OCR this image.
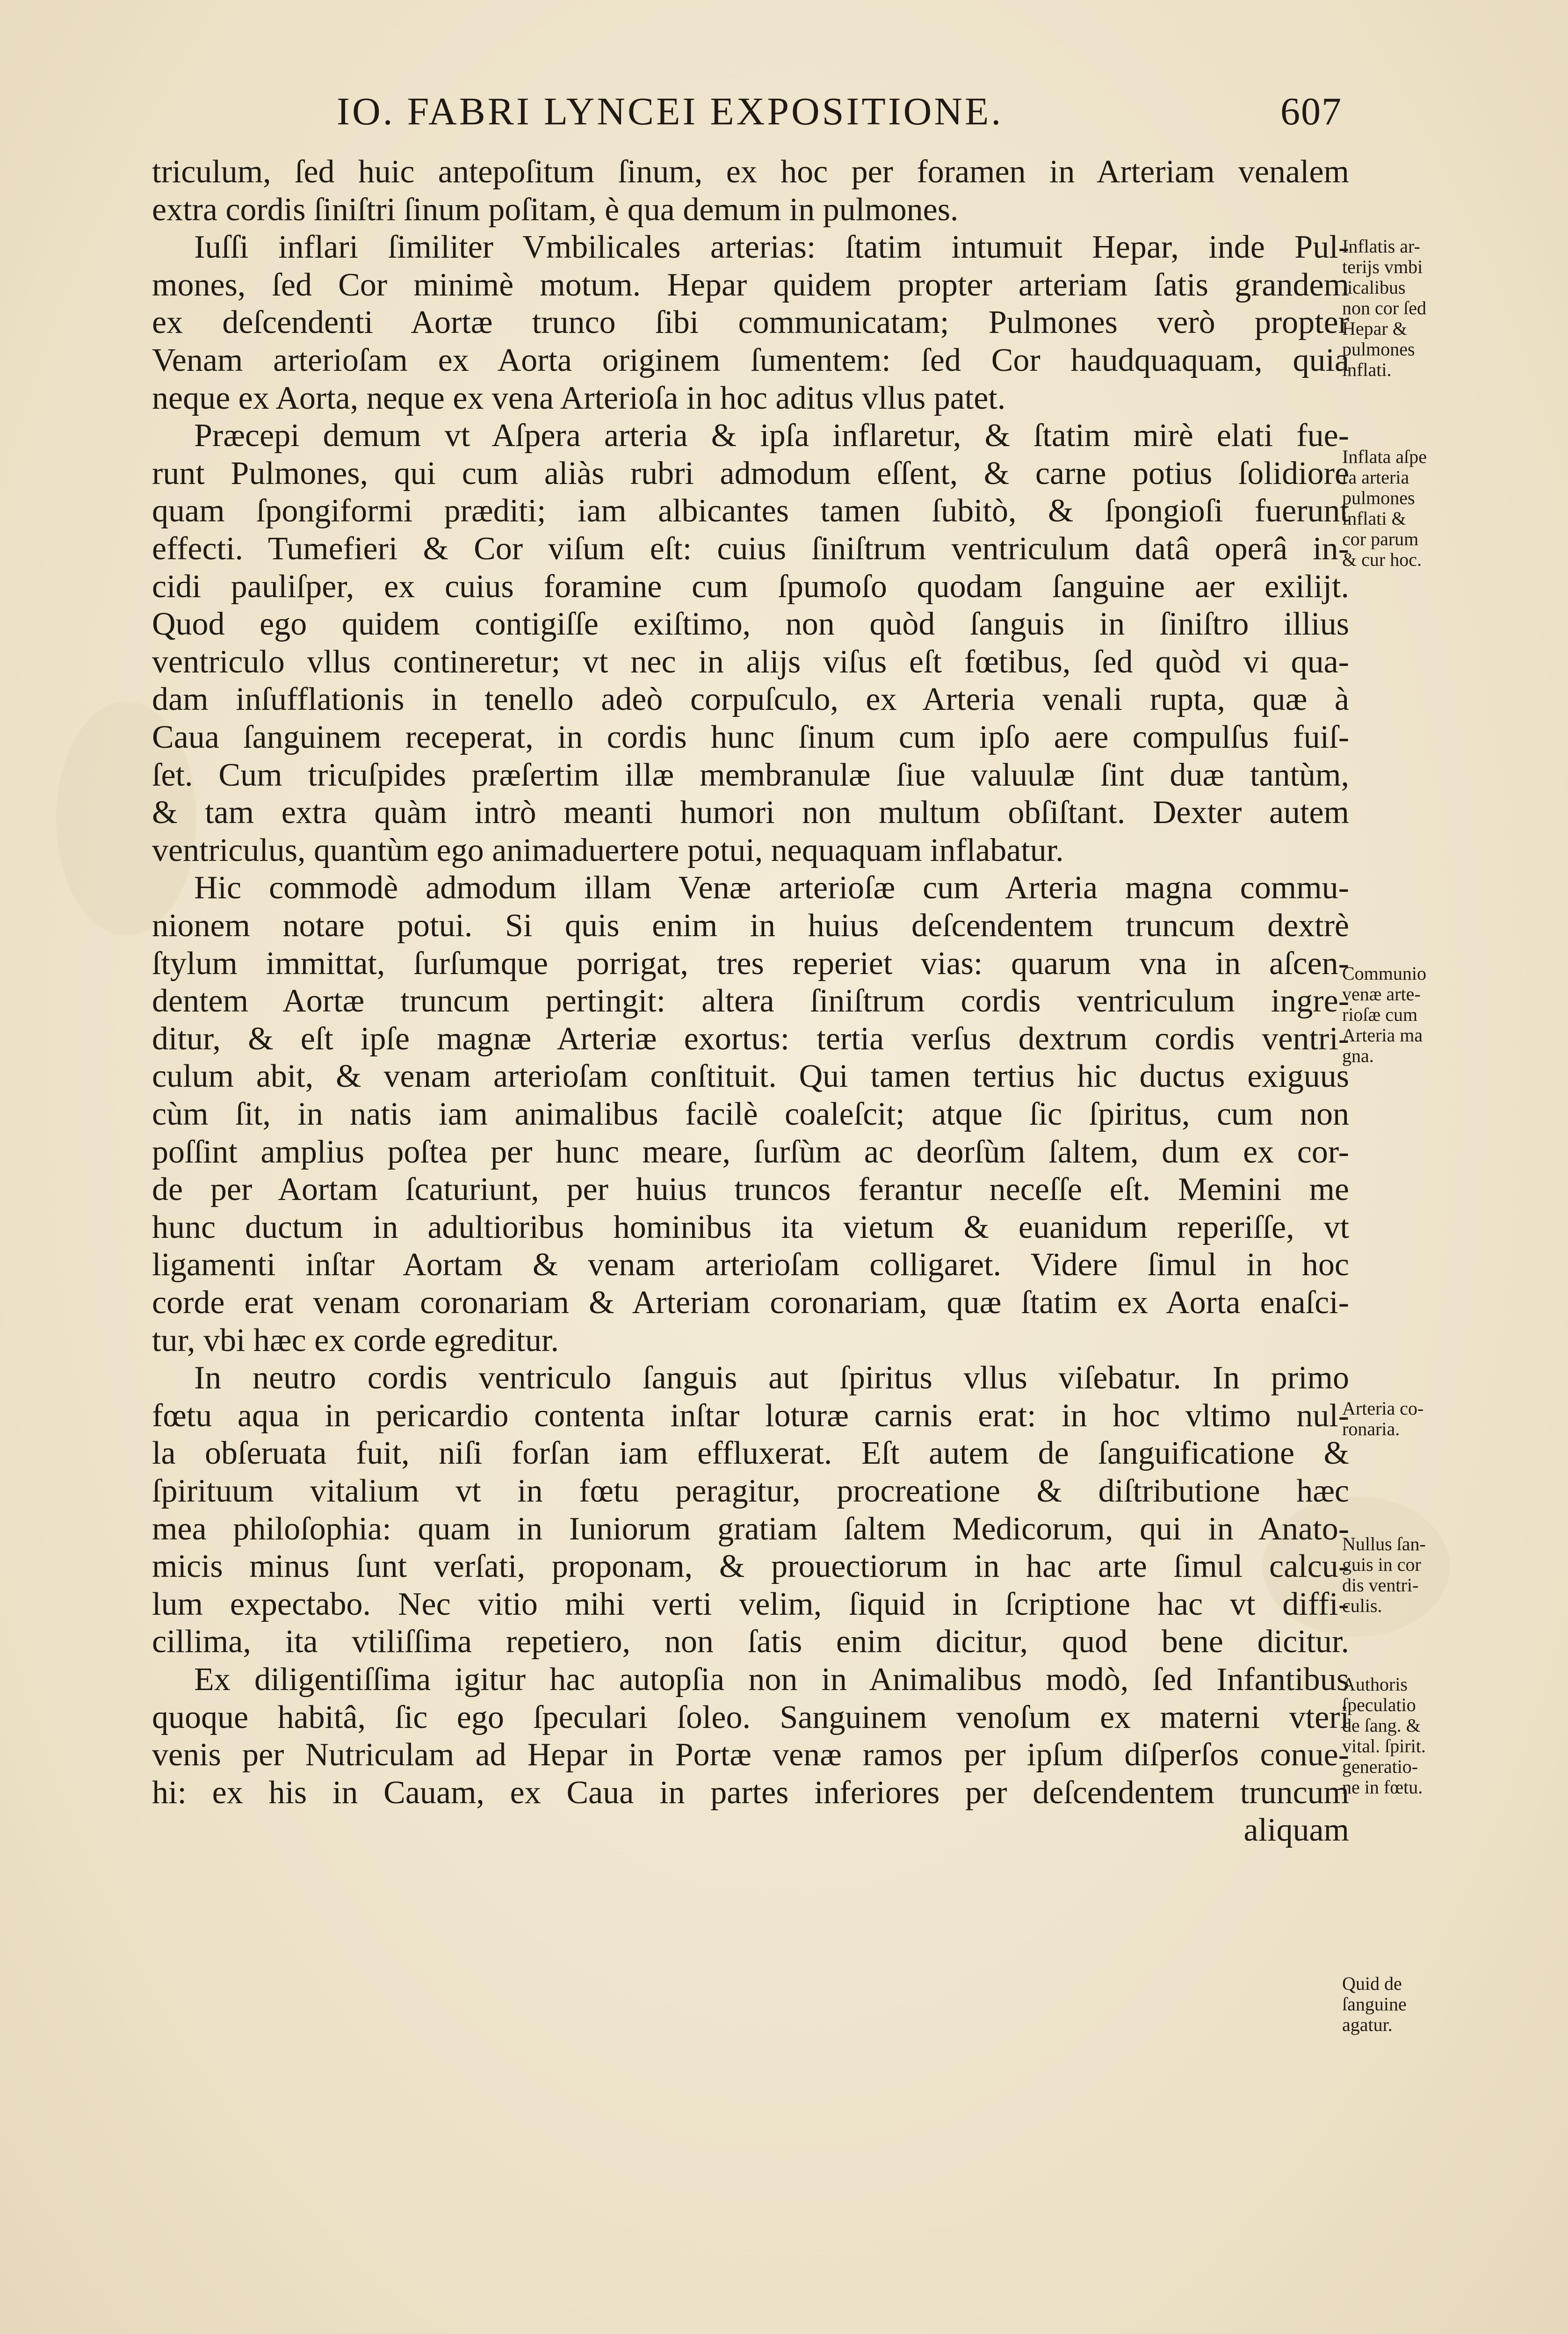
IO. FABRI LYNCEI EXPOSITIONE.	607
triculum, ſed huic antepoſitum ſinum, ex hoc per foramen in Arteriam venalem
extra cordis ſiniſtri ſinum poſitam, è qua demum in pulmones.
Iuſſi inflari ſimiliter Vmbilicales arterias: ſtatim intumuit Hepar, inde Pul-
mones, ſed Cor minimè motum. Hepar quidem propter arteriam ſatis grandem
ex deſcendenti Aortæ trunco ſibi communicatam; Pulmones verò propter
Venam arterioſam ex Aorta originem ſumentem: ſed Cor haudquaquam, quia
neque ex Aorta, neque ex vena Arterioſa in hoc aditus vllus patet.
Præcepi demum vt Aſpera arteria & ipſa inflaretur, & ſtatim mirè elati fue-
runt Pulmones, qui cum aliàs rubri admodum eſſent, & carne potius ſolidiore
quam ſpongiformi præditi; iam albicantes tamen ſubitò, & ſpongioſi fuerunt
effecti. Tumefieri & Cor viſum eſt: cuius ſiniſtrum ventriculum datâ operâ in-
cidi pauliſper, ex cuius foramine cum ſpumoſo quodam ſanguine aer exilijt.
Quod ego quidem contigiſſe exiſtimo, non quòd ſanguis in ſiniſtro illius
ventriculo vllus contineretur; vt nec in alijs viſus eſt fœtibus, ſed quòd vi qua-
dam inſufflationis in tenello adeò corpuſculo, ex Arteria venali rupta, quæ à
Caua ſanguinem receperat, in cordis hunc ſinum cum ipſo aere compulſus fuiſ-
ſet. Cum tricuſpides præſertim illæ membranulæ ſiue valuulæ ſint duæ tantùm,
& tam extra quàm intrò meanti humori non multum obſiſtant. Dexter autem
ventriculus, quantùm ego animaduertere potui, nequaquam inflabatur.
Hic commodè admodum illam Venæ arterioſæ cum Arteria magna commu-
nionem notare potui. Si quis enim in huius deſcendentem truncum dextrè
ſtylum immittat, ſurſumque porrigat, tres reperiet vias: quarum vna in aſcen-
dentem Aortæ truncum pertingit: altera ſiniſtrum cordis ventriculum ingre-
ditur, & eſt ipſe magnæ Arteriæ exortus: tertia verſus dextrum cordis ventri-
culum abit, & venam arterioſam conſtituit. Qui tamen tertius hic ductus exiguus
cùm ſit, in natis iam animalibus facilè coaleſcit; atque ſic ſpiritus, cum non
poſſint amplius poſtea per hunc meare, ſurſùm ac deorſùm ſaltem, dum ex cor-
de per Aortam ſcaturiunt, per huius truncos ferantur neceſſe eſt. Memini me
hunc ductum in adultioribus hominibus ita vietum & euanidum reperiſſe, vt
ligamenti inſtar Aortam & venam arterioſam colligaret. Videre ſimul in hoc
corde erat venam coronariam & Arteriam coronariam, quæ ſtatim ex Aorta enaſci-
tur, vbi hæc ex corde egreditur.
In neutro cordis ventriculo ſanguis aut ſpiritus vllus viſebatur. In primo
fœtu aqua in pericardio contenta inſtar loturæ carnis erat: in hoc vltimo nul-
la obſeruata fuit, niſi forſan iam effluxerat. Eſt autem de ſanguificatione &
ſpirituum vitalium vt in fœtu peragitur, procreatione & diſtributione hæc
mea philoſophia: quam in Iuniorum gratiam ſaltem Medicorum, qui in Anato-
micis minus ſunt verſati, proponam, & prouectiorum in hac arte ſimul calcu-
lum expectabo. Nec vitio mihi verti velim, ſiquid in ſcriptione hac vt diffi-
cillima, ita vtiliſſima repetiero, non ſatis enim dicitur, quod bene dicitur.
Ex diligentiſſima igitur hac autopſia non in Animalibus modò, ſed Infantibus
quoque habitâ, ſic ego ſpeculari ſoleo. Sanguinem venoſum ex materni vteri
venis per Nutriculam ad Hepar in Portæ venæ ramos per ipſum diſperſos conue-
hi: ex his in Cauam, ex Caua in partes inferiores per deſcendentem truncum
aliquam
Inflatis ar-
terijs vmbi
licalibus
non cor ſed
Hepar &
pulmones
inflati.
Inflata aſpe
ra arteria
pulmones
inflati &
cor parum
& cur hoc.
Communio
venæ arte-
rioſæ cum
Arteria ma
gna.
Arteria co-
ronaria.
Nullus ſan-
guis in cor
dis ventri-
culis.
Authoris
ſpeculatio
de ſang. &
vital. ſpirit.
generatio-
ne in fœtu.
Quid de
ſanguine
agatur.
